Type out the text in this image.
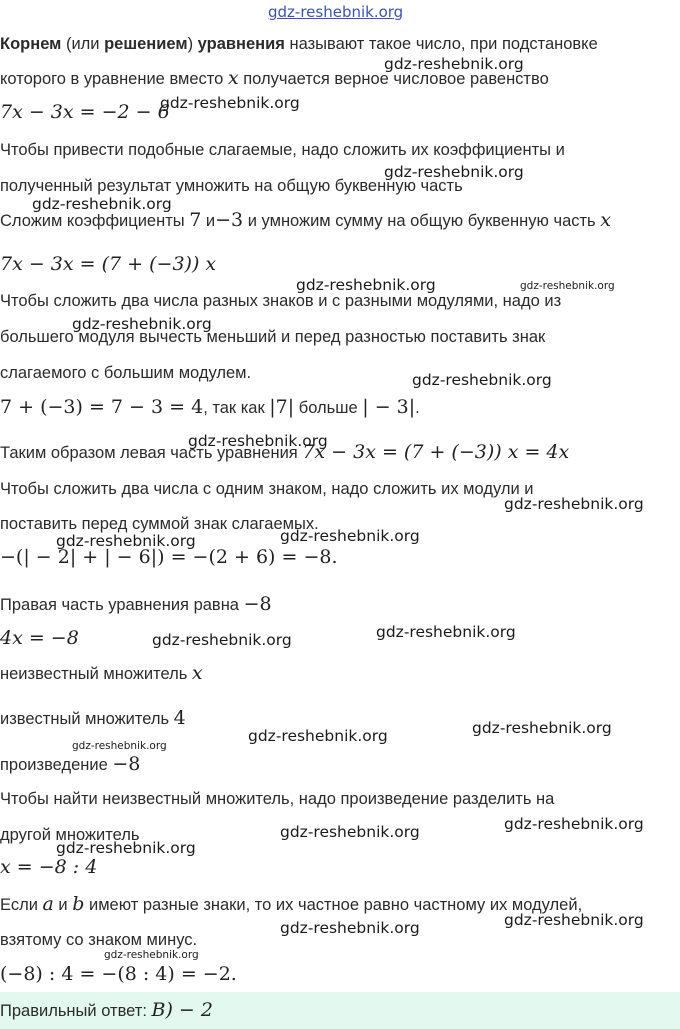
gdz-reshebnik.org
Корнем (или решением) уравнения называют такое число, при подстановке
которого в уравнение вместо x получается верное числовое равенство
7x − 3x = −2 − 6
Чтобы привести подобные слагаемые, надо сложить их коэффициенты и
полученный результат умножить на общую буквенную часть
Сложим коэффициенты 7 и−3 и умножим сумму на общую буквенную часть x
7x − 3x = (7 + (−3)) x
Чтобы сложить два числа разных знаков и с разными модулями, надо из
большего модуля вычесть меньший и перед разностью поставить знак
слагаемого с большим модулем.
7 + (−3) = 7 − 3 = 4, так как |7| больше | − 3|.
Таким образом левая часть уравнения 7x − 3x = (7 + (−3)) x = 4x
Чтобы сложить два числа с одним знаком, надо сложить их модули и
поставить перед суммой знак слагаемых.
−(| − 2| + | − 6|) = −(2 + 6) = −8.
Правая часть уравнения равна −8
4x = −8
неизвестный множитель x
известный множитель 4
произведение −8
Чтобы найти неизвестный множитель, надо произведение разделить на
другой множитель
x = −8 : 4
Если a и b имеют разные знаки, то их частное равно частному их модулей,
взятому со знаком минус.
(−8) : 4 = −(8 : 4) = −2.
Правильный ответ: B) − 2
gdz-reshebnik.org
gdz-reshebnik.org
gdz-reshebnik.org
gdz-reshebnik.org
gdz-reshebnik.org	gdz-reshebnik.org
gdz-reshebnik.org
gdz-reshebnik.org
gdz-reshebnik.org
gdz-reshebnik.org
gdz-reshebnik.org
gdz-reshebnik.org
gdz-reshebnik.org
gdz-reshebnik.org
gdz-reshebnik.org
gdz-reshebnik.org
gdz-reshebnik.org
gdz-reshebnik.org
gdz-reshebnik.org
gdz-reshebnik.org
gdz-reshebnik.org
gdz-reshebnik.org
gdz-reshebnik.org
